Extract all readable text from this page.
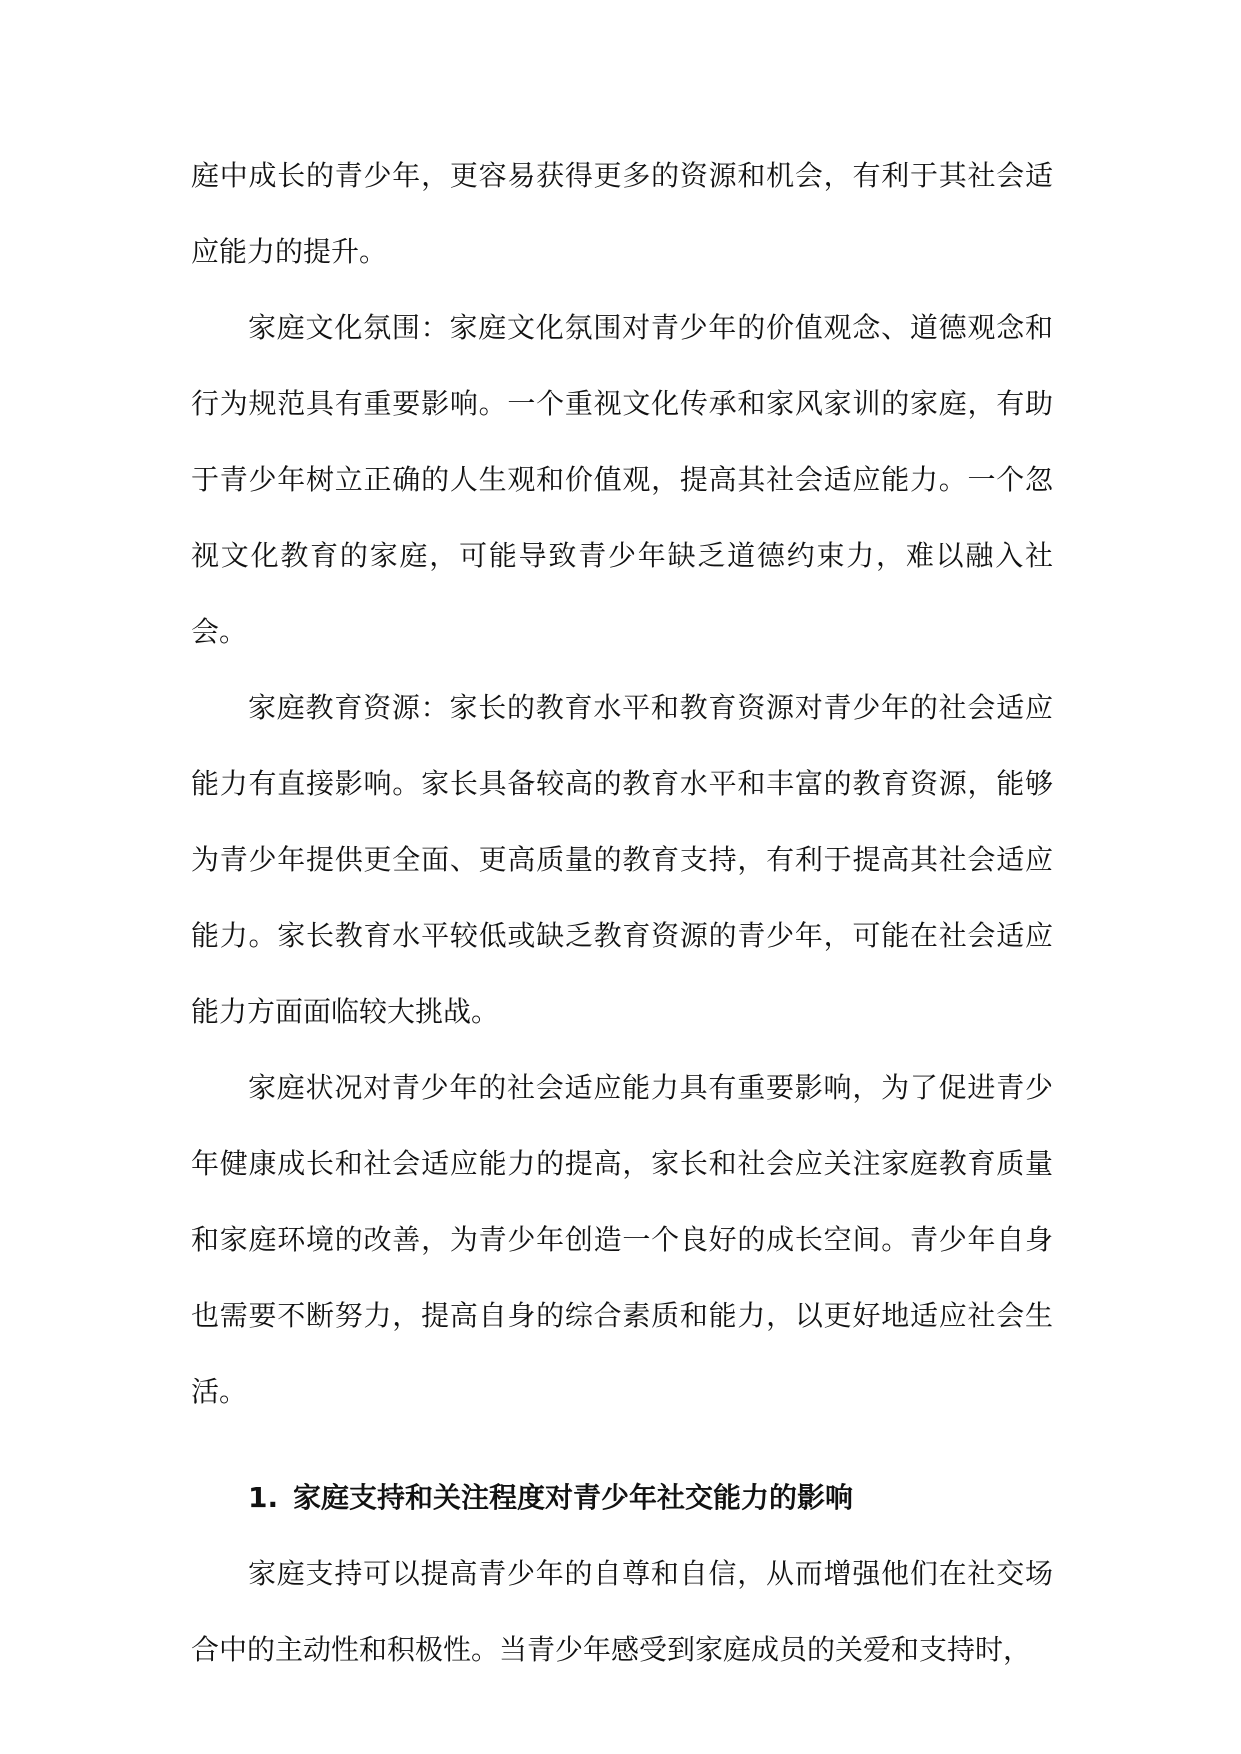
庭中成长的青少年，更容易获得更多的资源和机会，有利于其社会适应能力的提升。

家庭文化氛围：家庭文化氛围对青少年的价值观念、道德观念和行为规范具有重要影响。一个重视文化传承和家风家训的家庭，有助于青少年树立正确的人生观和价值观，提高其社会适应能力。一个忽视文化教育的家庭，可能导致青少年缺乏道德约束力，难以融入社会。

家庭教育资源：家长的教育水平和教育资源对青少年的社会适应能力有直接影响。家长具备较高的教育水平和丰富的教育资源，能够为青少年提供更全面、更高质量的教育支持，有利于提高其社会适应能力。家长教育水平较低或缺乏教育资源的青少年，可能在社会适应能力方面面临较大挑战。

家庭状况对青少年的社会适应能力具有重要影响，为了促进青少年健康成长和社会适应能力的提高，家长和社会应关注家庭教育质量和家庭环境的改善，为青少年创造一个良好的成长空间。青少年自身也需要不断努力，提高自身的综合素质和能力，以更好地适应社会生活。

1. 家庭支持和关注程度对青少年社交能力的影响

家庭支持可以提高青少年的自尊和自信，从而增强他们在社交场合中的主动性和积极性。当青少年感受到家庭成员的关爱和支持时，
